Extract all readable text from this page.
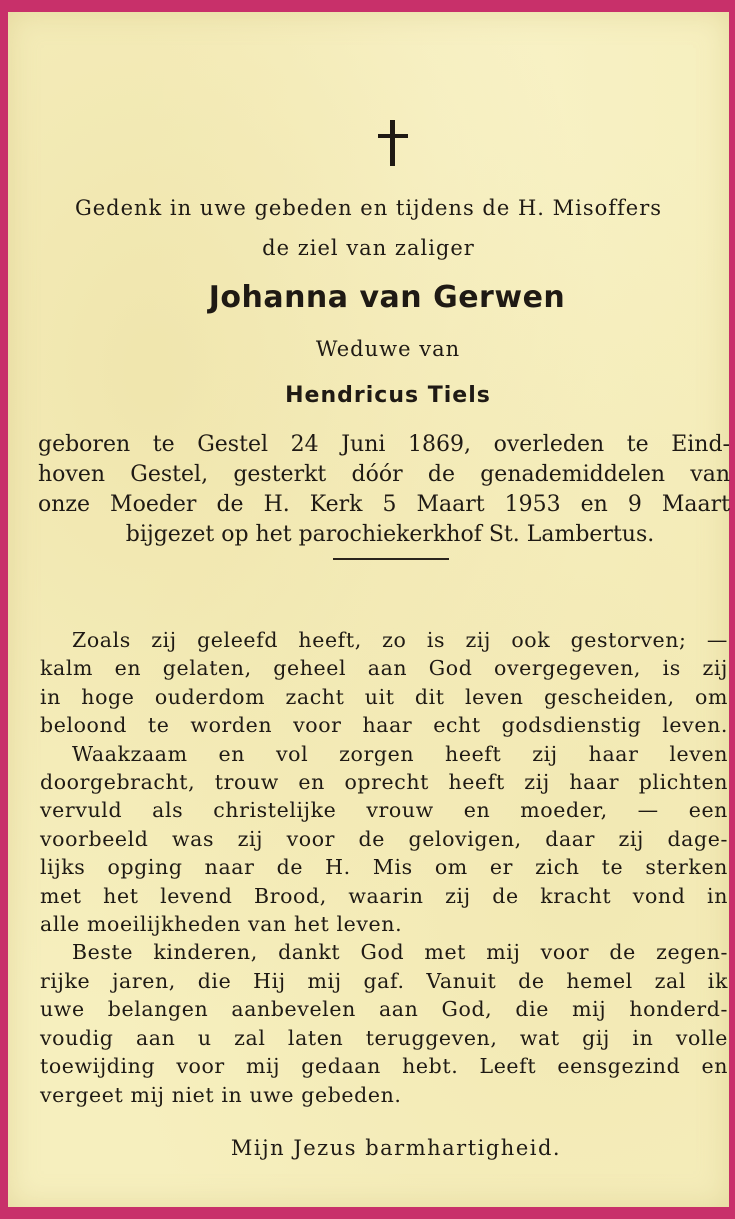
Gedenk in uwe gebeden en tijdens de H. Misoffers

de ziel van zaliger

Johanna van Gerwen

Weduwe van

Hendricus Tiels

geboren te Gestel 24 Juni 1869, overleden te Eind-
hoven Gestel, gesterkt dóór de genademiddelen van
onze Moeder de H. Kerk 5 Maart 1953 en 9 Maart
bijgezet op het parochiekerkhof St. Lambertus.
Zoals zij geleefd heeft, zo is zij ook gestorven; —
kalm en gelaten, geheel aan God overgegeven, is zij
in hoge ouderdom zacht uit dit leven gescheiden, om
beloond te worden voor haar echt godsdienstig leven.
Waakzaam en vol zorgen heeft zij haar leven
doorgebracht, trouw en oprecht heeft zij haar plichten
vervuld als christelijke vrouw en moeder, — een
voorbeeld was zij voor de gelovigen, daar zij dage-
lijks opging naar de H. Mis om er zich te sterken
met het levend Brood, waarin zij de kracht vond in
alle moeilijkheden van het leven.
Beste kinderen, dankt God met mij voor de zegen-
rijke jaren, die Hij mij gaf. Vanuit de hemel zal ik
uwe belangen aanbevelen aan God, die mij honderd-
voudig aan u zal laten teruggeven, wat gij in volle
toewijding voor mij gedaan hebt. Leeft eensgezind en
vergeet mij niet in uwe gebeden.

Mijn Jezus barmhartigheid.
